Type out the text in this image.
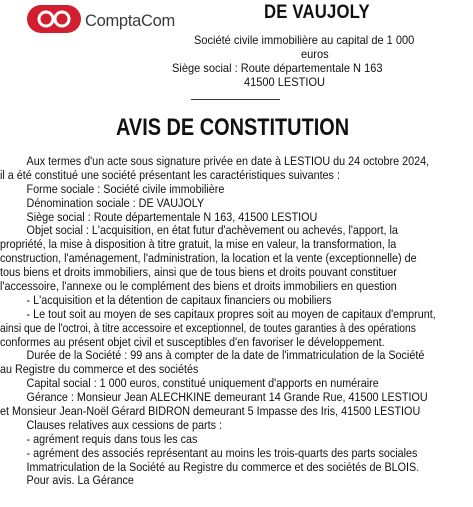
ComptaCom	DE VAUJOLY
Société civile immobilière au capital de 1 000
euros
Siège social : Route départementale N 163
41500 LESTIOU
AVIS DE CONSTITUTION
Aux termes d'un acte sous signature privée en date à LESTIOU du 24 octobre 2024,
il a été constitué une société présentant les caractéristiques suivantes :
Forme sociale : Société civile immobilière
Dénomination sociale : DE VAUJOLY
Siège social : Route départementale N 163, 41500 LESTIOU
Objet social : L'acquisition, en état futur d'achèvement ou achevés, l'apport, la
propriété, la mise à disposition à titre gratuit, la mise en valeur, la transformation, la
construction, l'aménagement, l'administration, la location et la vente (exceptionnelle) de
tous biens et droits immobiliers, ainsi que de tous biens et droits pouvant constituer
l'accessoire, l'annexe ou le complément des biens et droits immobiliers en question
- L'acquisition et la détention de capitaux financiers ou mobiliers
- Le tout soit au moyen de ses capitaux propres soit au moyen de capitaux d'emprunt,
ainsi que de l'octroi, à titre accessoire et exceptionnel, de toutes garanties à des opérations
conformes au présent objet civil et susceptibles d'en favoriser le développement.
Durée de la Société : 99 ans à compter de la date de l'immatriculation de la Société
au Registre du commerce et des sociétés
Capital social : 1 000 euros, constitué uniquement d'apports en numéraire
Gérance : Monsieur Jean ALECHKINE demeurant 14 Grande Rue, 41500 LESTIOU
et Monsieur Jean-Noël Gérard BIDRON demeurant 5 Impasse des Iris, 41500 LESTIOU
Clauses relatives aux cessions de parts :
- agrément requis dans tous les cas
- agrément des associés représentant au moins les trois-quarts des parts sociales
Immatriculation de la Société au Registre du commerce et des sociétés de BLOIS.
Pour avis. La Gérance
